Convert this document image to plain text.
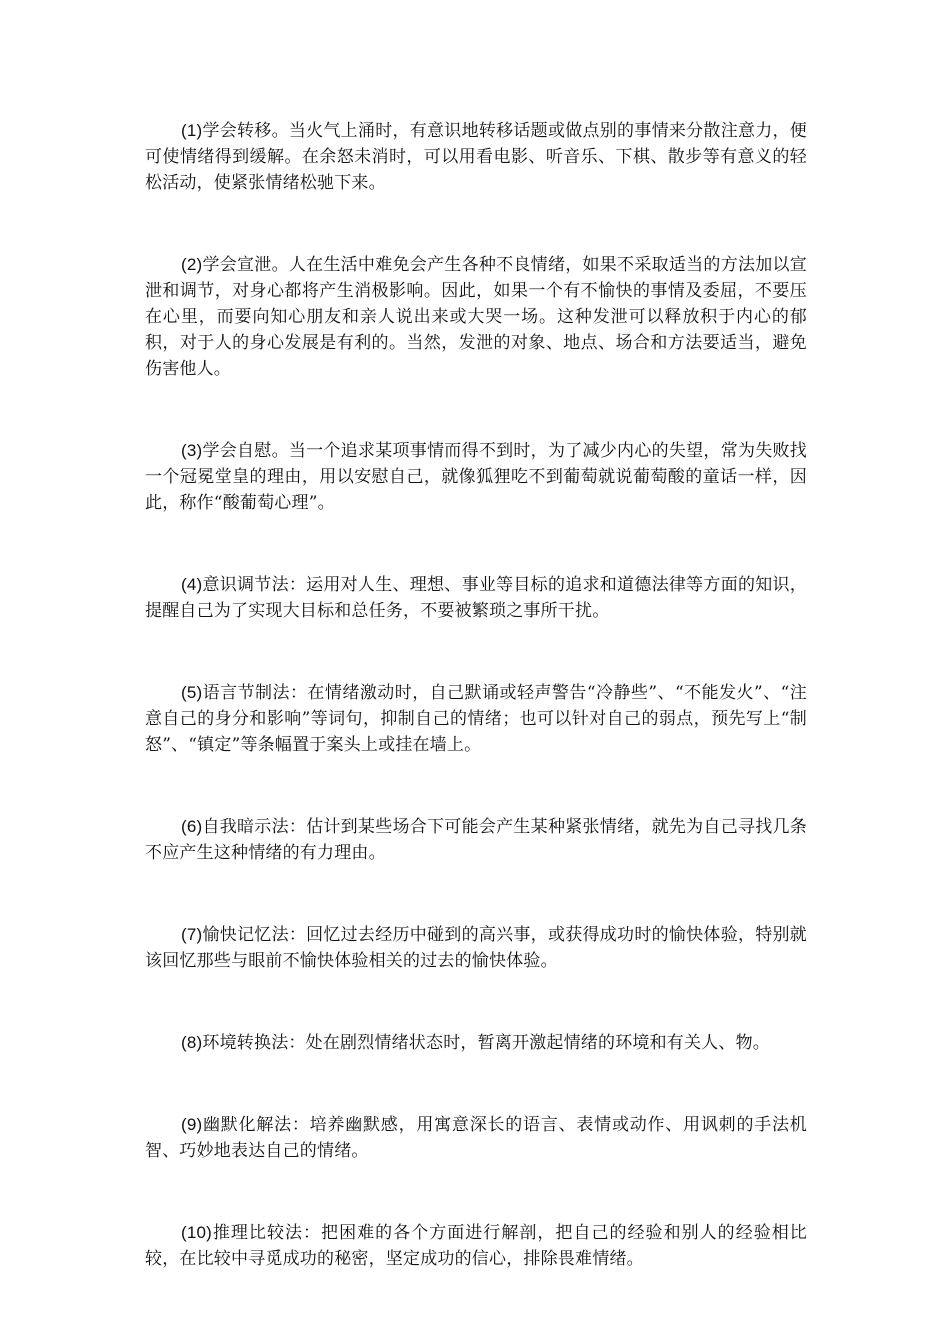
(1)学会转移。当火气上涌时，有意识地转移话题或做点别的事情来分散注意力，便可使情绪得到缓解。在余怒未消时，可以用看电影、听音乐、下棋、散步等有意义的轻松活动，使紧张情绪松驰下来。

(2)学会宣泄。人在生活中难免会产生各种不良情绪，如果不采取适当的方法加以宣泄和调节，对身心都将产生消极影响。因此，如果一个有不愉快的事情及委屈，不要压在心里，而要向知心朋友和亲人说出来或大哭一场。这种发泄可以释放积于内心的郁积，对于人的身心发展是有利的。当然，发泄的对象、地点、场合和方法要适当，避免伤害他人。

(3)学会自慰。当一个追求某项事情而得不到时，为了减少内心的失望，常为失败找一个冠冕堂皇的理由，用以安慰自己，就像狐狸吃不到葡萄就说葡萄酸的童话一样，因此，称作“酸葡萄心理”。

(4)意识调节法：运用对人生、理想、事业等目标的追求和道德法律等方面的知识，提醒自己为了实现大目标和总任务，不要被繁琐之事所干扰。

(5)语言节制法：在情绪激动时，自己默诵或轻声警告“冷静些”、“不能发火”、“注意自己的身分和影响”等词句，抑制自己的情绪；也可以针对自己的弱点，预先写上“制怒”、“镇定”等条幅置于案头上或挂在墙上。

(6)自我暗示法：估计到某些场合下可能会产生某种紧张情绪，就先为自己寻找几条不应产生这种情绪的有力理由。

(7)愉快记忆法：回忆过去经历中碰到的高兴事，或获得成功时的愉快体验，特别就该回忆那些与眼前不愉快体验相关的过去的愉快体验。

(8)环境转换法：处在剧烈情绪状态时，暂离开激起情绪的环境和有关人、物。

(9)幽默化解法：培养幽默感，用寓意深长的语言、表情或动作、用讽刺的手法机智、巧妙地表达自己的情绪。

(10)推理比较法：把困难的各个方面进行解剖，把自己的经验和别人的经验相比较，在比较中寻觅成功的秘密，坚定成功的信心，排除畏难情绪。
